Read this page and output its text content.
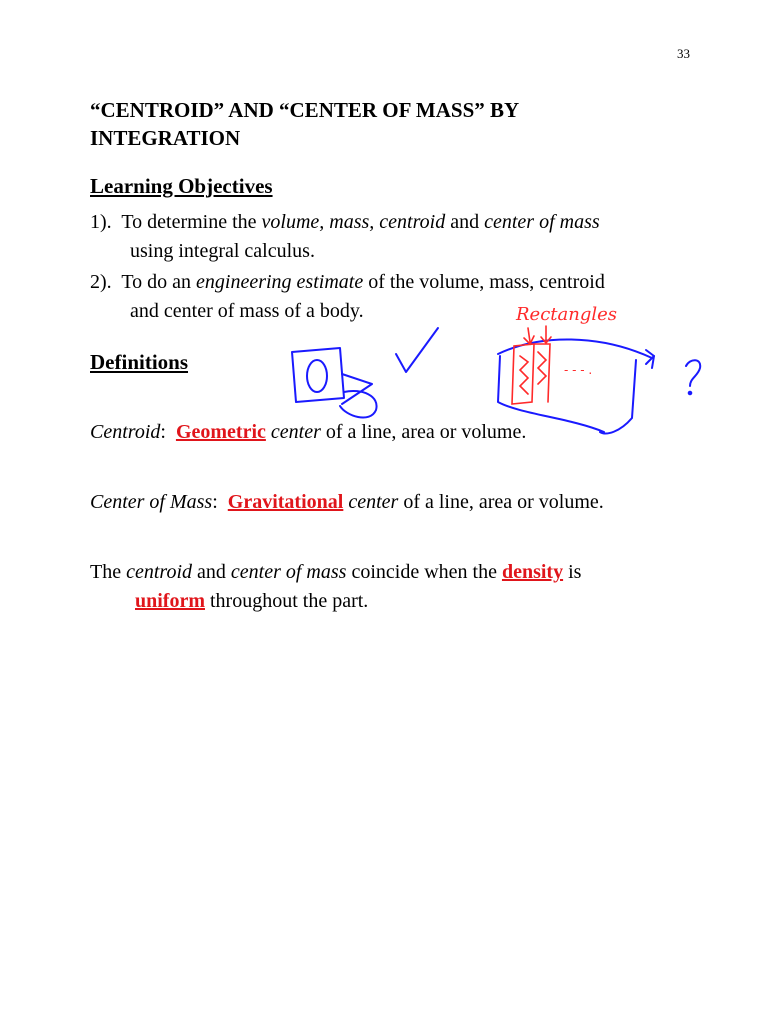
33
“CENTROID” AND “CENTER OF MASS” BY INTEGRATION
Learning Objectives
1). To determine the volume, mass, centroid and center of mass
using integral calculus.
2). To do an engineering estimate of the volume, mass, centroid
and center of mass of a body.
Definitions
Centroid:  Geometric center of a line, area or volume.
Center of Mass:  Gravitational center of a line, area or volume.
The centroid and center of mass coincide when the density is
uniform throughout the part.
Rectangles
- - - .
